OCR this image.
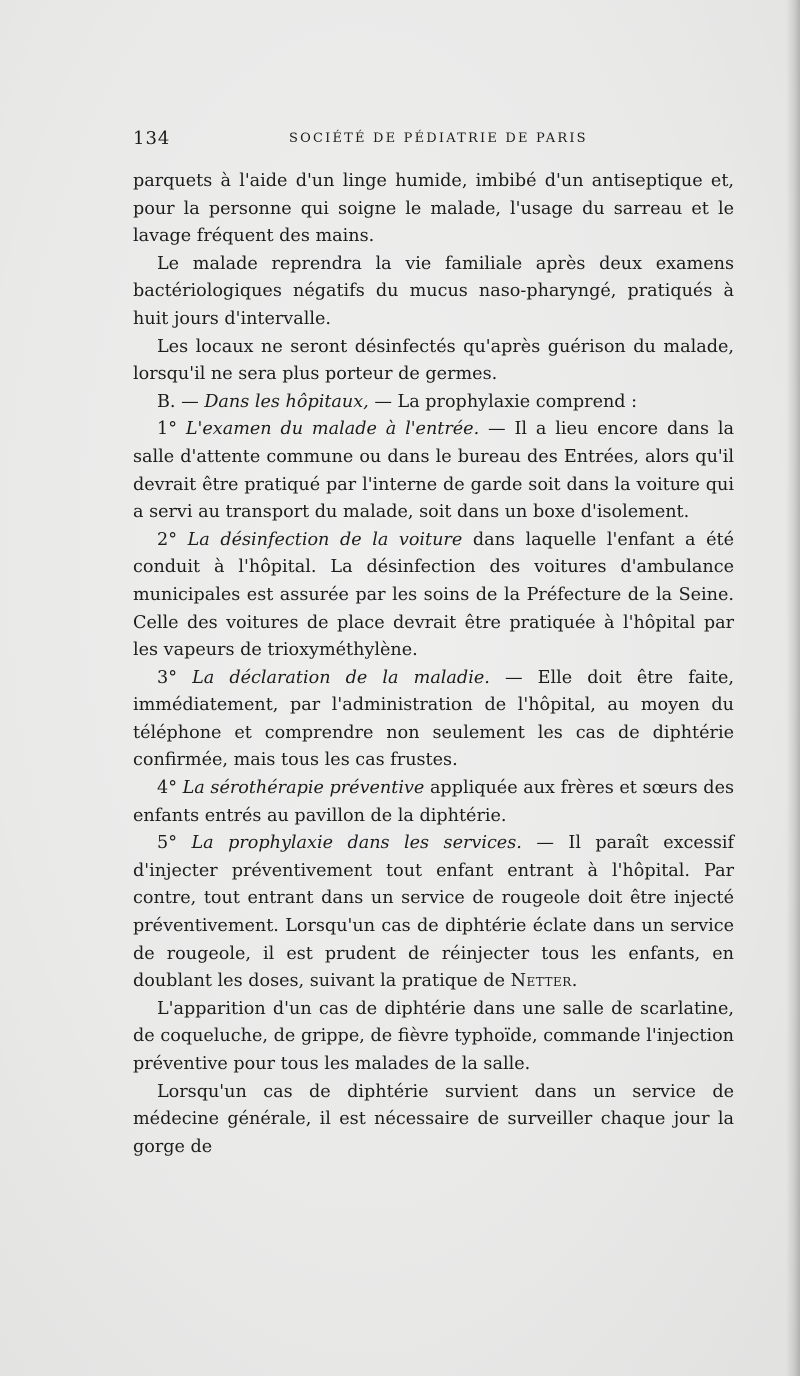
134	SOCIÉTÉ DE PÉDIATRIE DE PARIS

parquets à l'aide d'un linge humide, imbibé d'un antiseptique et, pour la personne qui soigne le malade, l'usage du sarreau et le lavage fréquent des mains.

Le malade reprendra la vie familiale après deux examens bactériologiques négatifs du mucus naso-pharyngé, pratiqués à huit jours d'intervalle.

Les locaux ne seront désinfectés qu'après guérison du malade, lorsqu'il ne sera plus porteur de germes.

B. — Dans les hôpitaux, — La prophylaxie comprend :

1° L'examen du malade à l'entrée. — Il a lieu encore dans la salle d'attente commune ou dans le bureau des Entrées, alors qu'il devrait être pratiqué par l'interne de garde soit dans la voiture qui a servi au transport du malade, soit dans un boxe d'isolement.

2° La désinfection de la voiture dans laquelle l'enfant a été conduit à l'hôpital. La désinfection des voitures d'ambulance municipales est assurée par les soins de la Préfecture de la Seine. Celle des voitures de place devrait être pratiquée à l'hôpital par les vapeurs de trioxyméthylène.

3° La déclaration de la maladie. — Elle doit être faite, immédiatement, par l'administration de l'hôpital, au moyen du téléphone et comprendre non seulement les cas de diphtérie confirmée, mais tous les cas frustes.

4° La sérothérapie préventive appliquée aux frères et sœurs des enfants entrés au pavillon de la diphtérie.

5° La prophylaxie dans les services. — Il paraît excessif d'injecter préventivement tout enfant entrant à l'hôpital. Par contre, tout entrant dans un service de rougeole doit être injecté préventivement. Lorsqu'un cas de diphtérie éclate dans un service de rougeole, il est prudent de réinjecter tous les enfants, en doublant les doses, suivant la pratique de Netter.

L'apparition d'un cas de diphtérie dans une salle de scarlatine, de coqueluche, de grippe, de fièvre typhoïde, commande l'injection préventive pour tous les malades de la salle.

Lorsqu'un cas de diphtérie survient dans un service de médecine générale, il est nécessaire de surveiller chaque jour la gorge de
